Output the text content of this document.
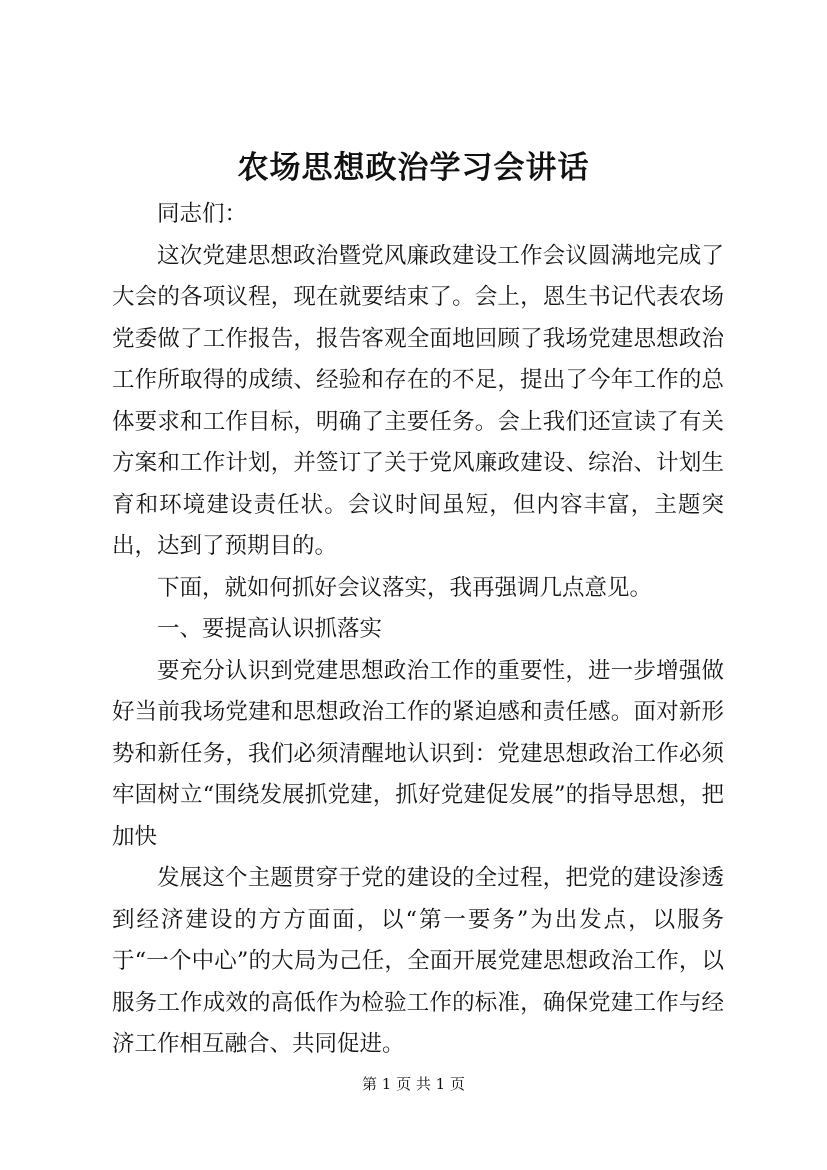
农场思想政治学习会讲话

同志们：

这次党建思想政治暨党风廉政建设工作会议圆满地完成了大会的各项议程，现在就要结束了。会上，恩生书记代表农场党委做了工作报告，报告客观全面地回顾了我场党建思想政治工作所取得的成绩、经验和存在的不足，提出了今年工作的总体要求和工作目标，明确了主要任务。会上我们还宣读了有关方案和工作计划，并签订了关于党风廉政建设、综治、计划生育和环境建设责任状。会议时间虽短，但内容丰富，主题突出，达到了预期目的。

下面，就如何抓好会议落实，我再强调几点意见。

一、要提高认识抓落实

要充分认识到党建思想政治工作的重要性，进一步增强做好当前我场党建和思想政治工作的紧迫感和责任感。面对新形势和新任务，我们必须清醒地认识到：党建思想政治工作必须牢固树立“围绕发展抓党建，抓好党建促发展”的指导思想，把加快

发展这个主题贯穿于党的建设的全过程，把党的建设渗透到经济建设的方方面面，以“第一要务”为出发点，以服务于“一个中心”的大局为己任，全面开展党建思想政治工作，以服务工作成效的高低作为检验工作的标准，确保党建工作与经济工作相互融合、共同促进。

第 1 页 共 1 页
